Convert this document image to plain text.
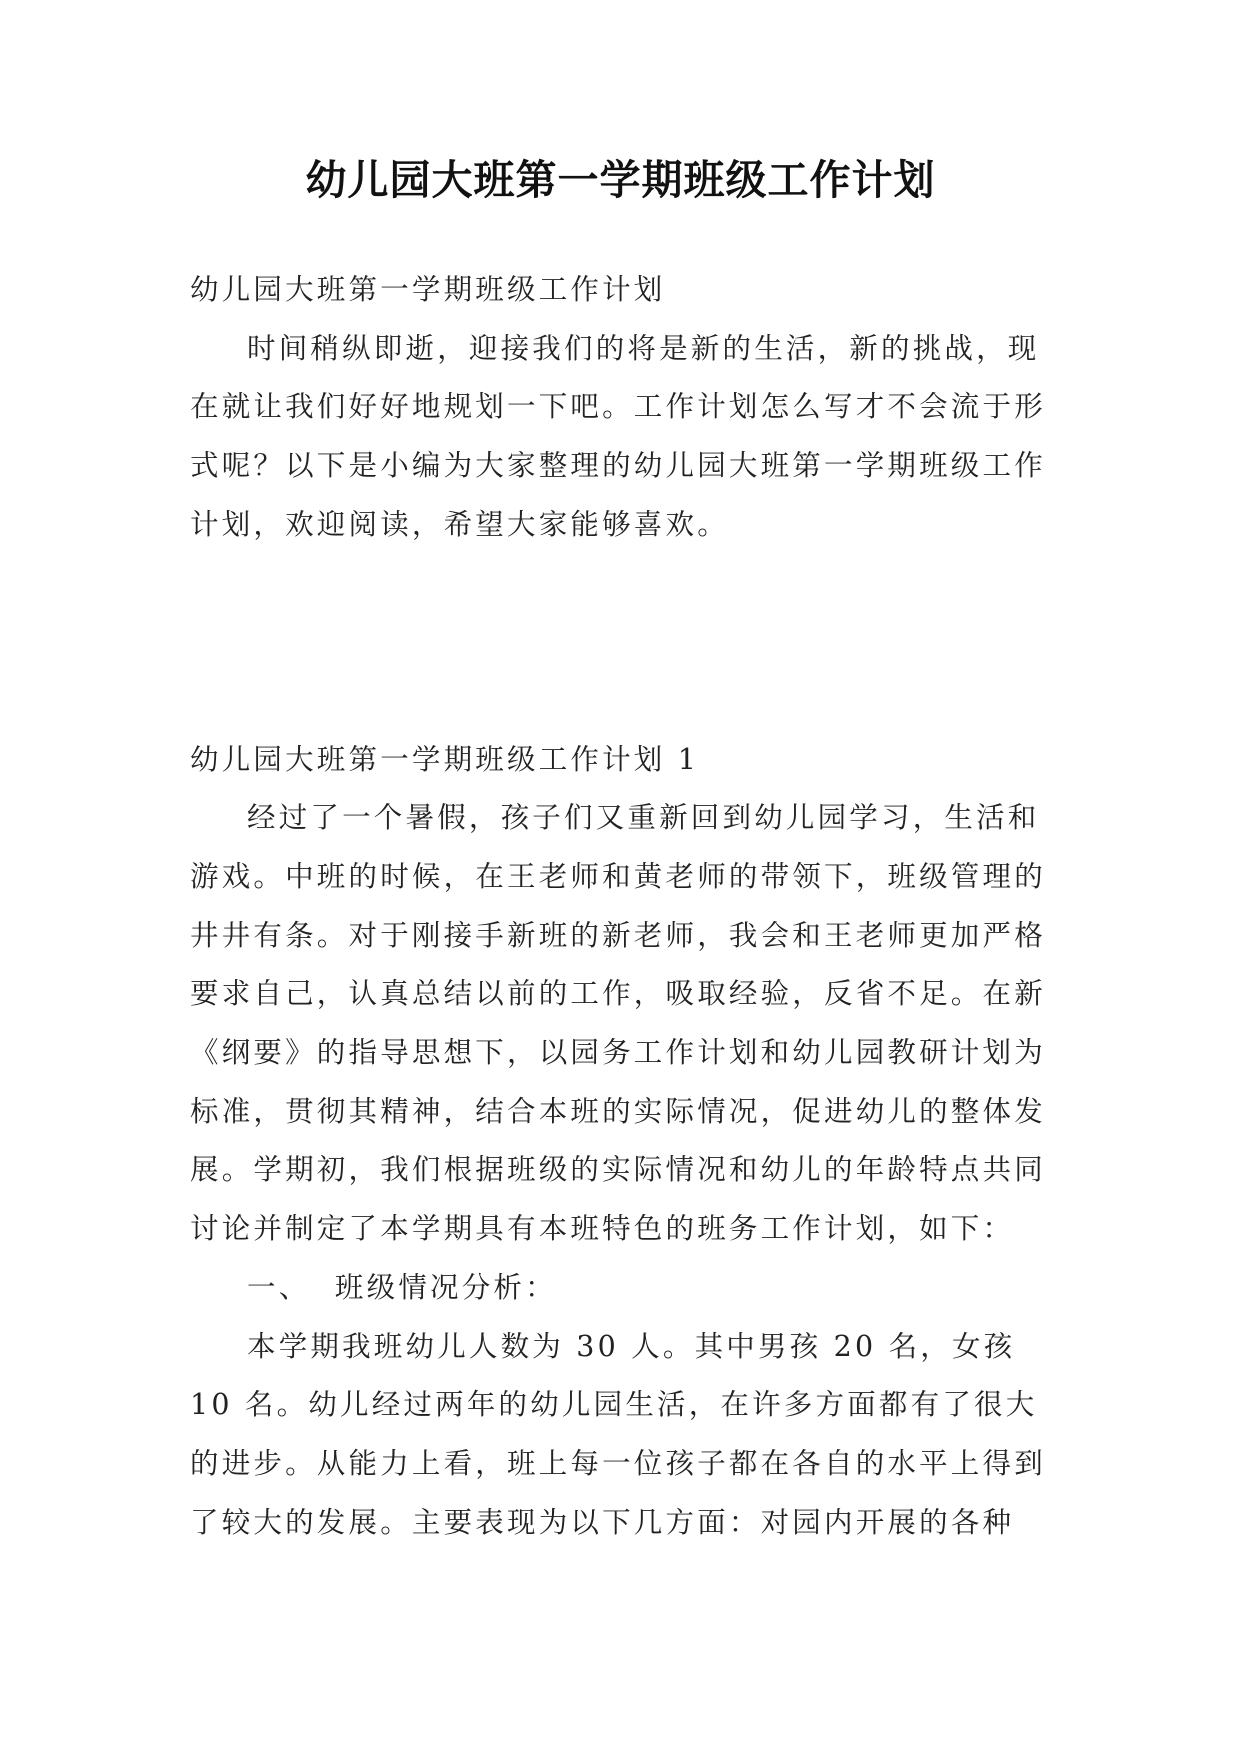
幼儿园大班第一学期班级工作计划

幼儿园大班第一学期班级工作计划

时间稍纵即逝，迎接我们的将是新的生活，新的挑战，现在就让我们好好地规划一下吧。工作计划怎么写才不会流于形式呢？以下是小编为大家整理的幼儿园大班第一学期班级工作计划，欢迎阅读，希望大家能够喜欢。

幼儿园大班第一学期班级工作计划 1

经过了一个暑假，孩子们又重新回到幼儿园学习，生活和游戏。中班的时候，在王老师和黄老师的带领下，班级管理的井井有条。对于刚接手新班的新老师，我会和王老师更加严格要求自己，认真总结以前的工作，吸取经验，反省不足。在新《纲要》的指导思想下，以园务工作计划和幼儿园教研计划为标准，贯彻其精神，结合本班的实际情况，促进幼儿的整体发展。学期初，我们根据班级的实际情况和幼儿的年龄特点共同讨论并制定了本学期具有本班特色的班务工作计划，如下：

一、  班级情况分析：

本学期我班幼儿人数为 30 人。其中男孩 20 名，女孩 10 名。幼儿经过两年的幼儿园生活，在许多方面都有了很大的进步。从能力上看，班上每一位孩子都在各自的水平上得到了较大的发展。主要表现为以下几方面：对园内开展的各种
